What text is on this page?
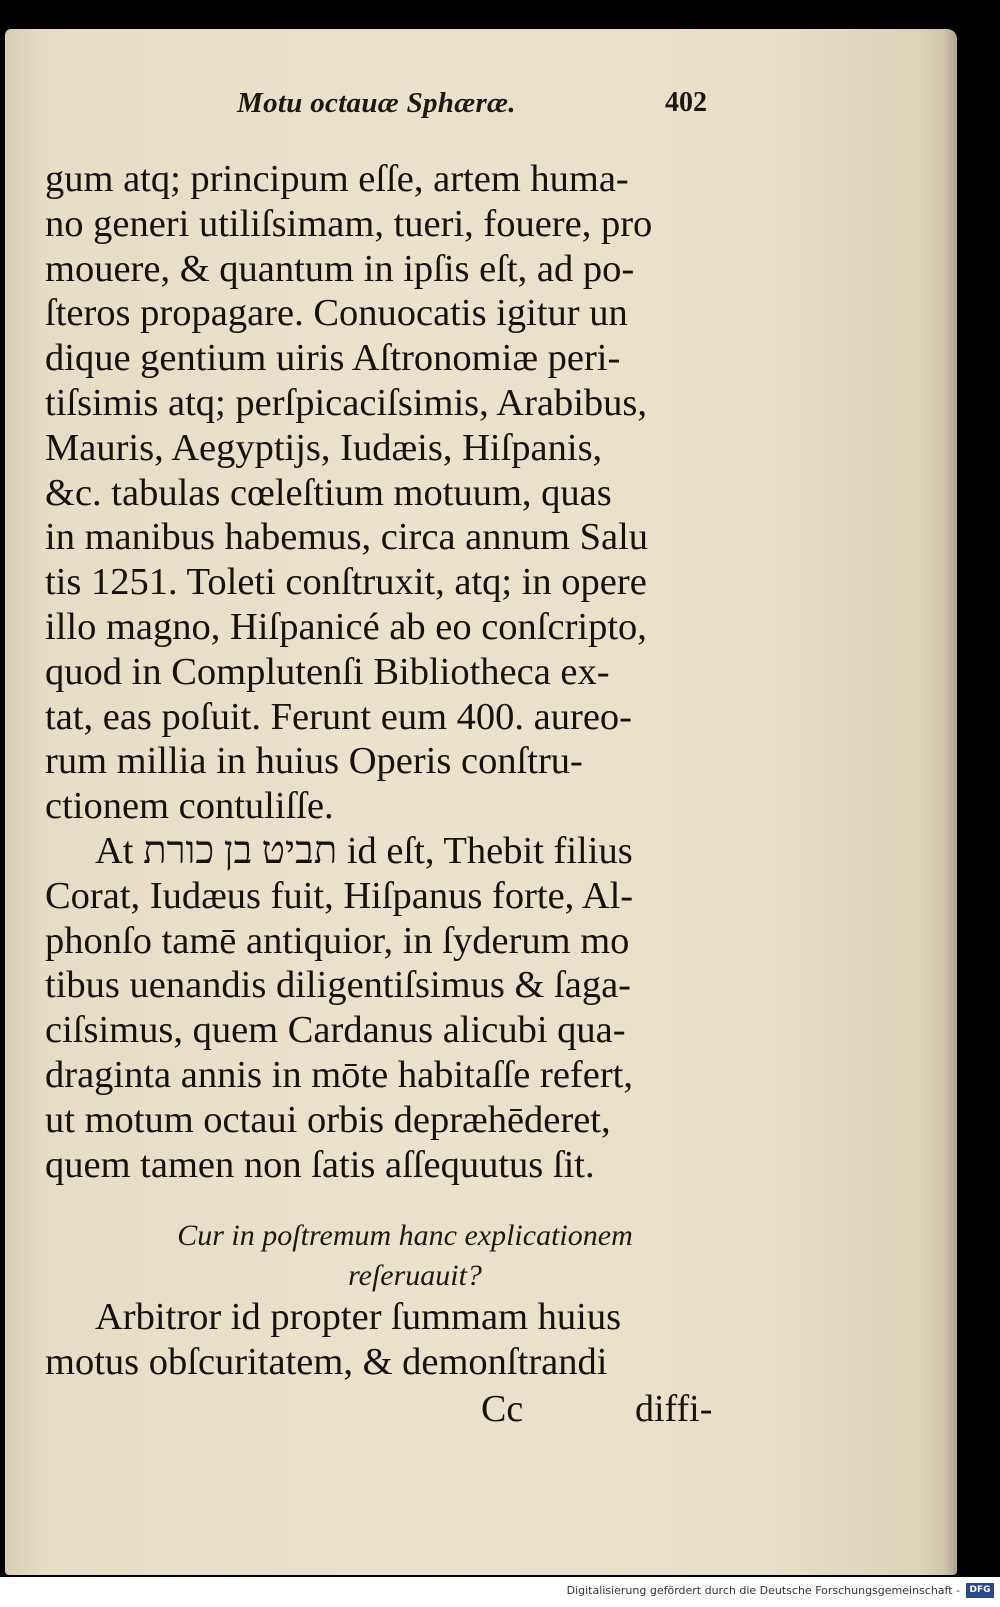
Motu octauæ Sphæræ.	402
gum atq; principum eſſe, artem huma-
no generi utiliſsimam, tueri, fouere, pro
mouere, & quantum in ipſis eſt, ad po-
ſteros propagare. Conuocatis igitur un
dique gentium uiris Aſtronomiæ peri-
tiſsimis atq; perſpicaciſsimis, Arabibus,
Mauris, Aegyptijs, Iudæis, Hiſpanis,
&c. tabulas cœleſtium motuum, quas
in manibus habemus, circa annum Salu
tis 1251. Toleti conſtruxit, atq; in opere
illo magno, Hiſpanicé ab eo conſcripto,
quod in Complutenſi Bibliotheca ex-
tat, eas poſuit. Ferunt eum 400. aureo-
rum millia in huius Operis conſtru-
ctionem contuliſſe.
At תביט בן כורת id eſt, Thebit filius
Corat, Iudæus fuit, Hiſpanus forte, Al-
phonſo tamē antiquior, in ſyderum mo
tibus uenandis diligentiſsimus & ſaga-
ciſsimus, quem Cardanus alicubi qua-
draginta annis in mōte habitaſſe refert,
ut motum octaui orbis depræhēderet,
quem tamen non ſatis aſſequutus ſit.
Cur in poſtremum hanc explicationem
reſeruauit?
Arbitror id propter ſummam huius
motus obſcuritatem, & demonſtrandi
Cc	diffi-
Digitalisierung gefördert durch die Deutsche Forschungsgemeinschaft -	DFG
